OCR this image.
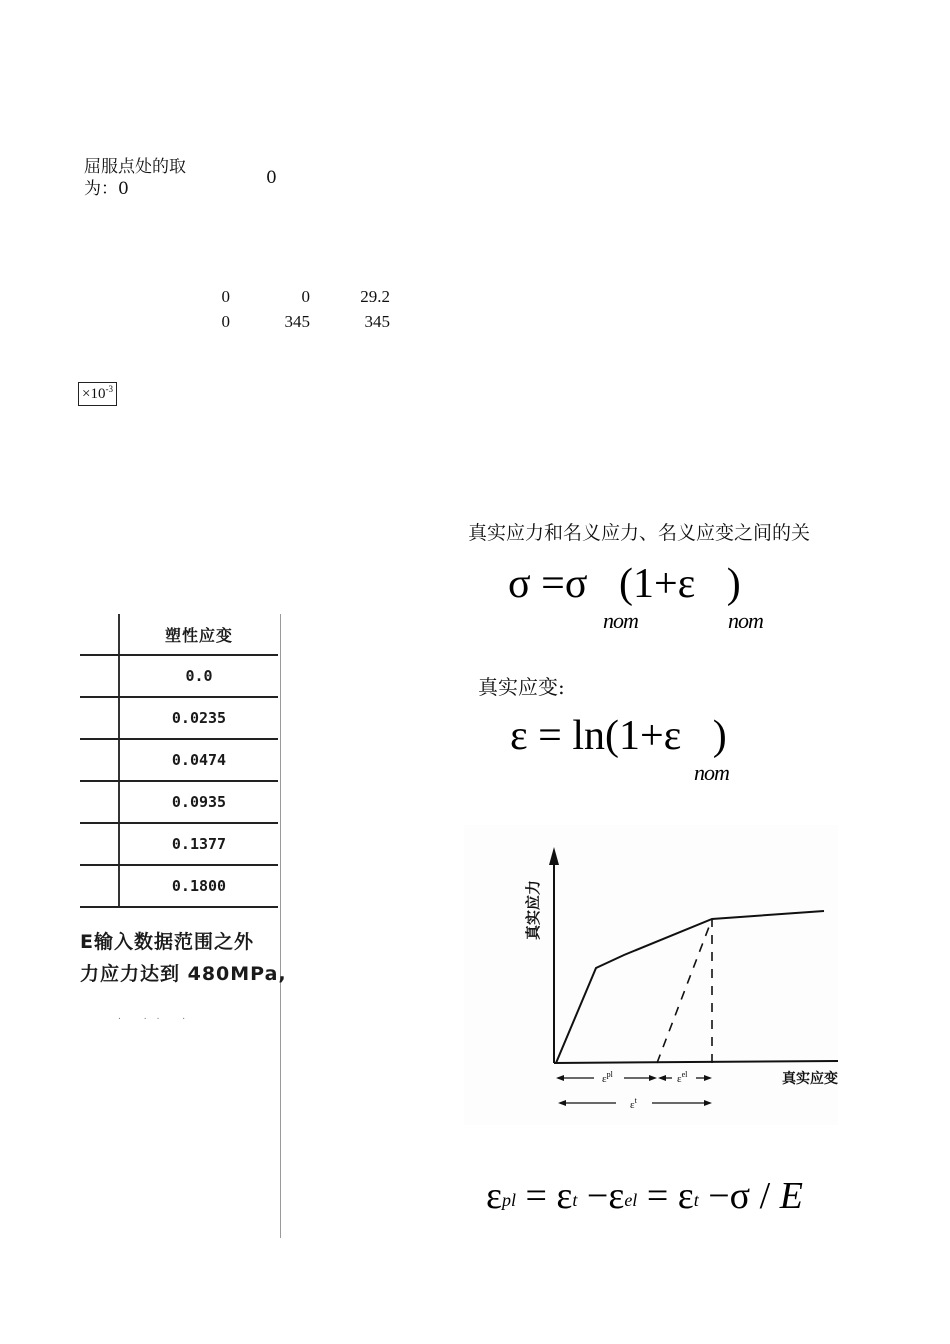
屈服点处的取为：0
0
0	0	29.2
0	345	345
$\times 10^{-3}$
	塑性应变
	0.0
	0.0235
	0.0474
	0.0935
	0.1377
	0.1800
E输入数据范围之外
力应力达到 480MPa,
. .. .
真实应力和名义应力、名义应变之间的关
σ =σ   (1+ε   )
nom	nom
真实应变:
ε = ln(1+ε   )
nom
$\varepsilon^{pl}$	$\varepsilon^{el}$
$\varepsilon^t$
真实应变
$\varepsilon_{pl} = \varepsilon_t -\varepsilon_{el} = \varepsilon_t -\sigma / E$
